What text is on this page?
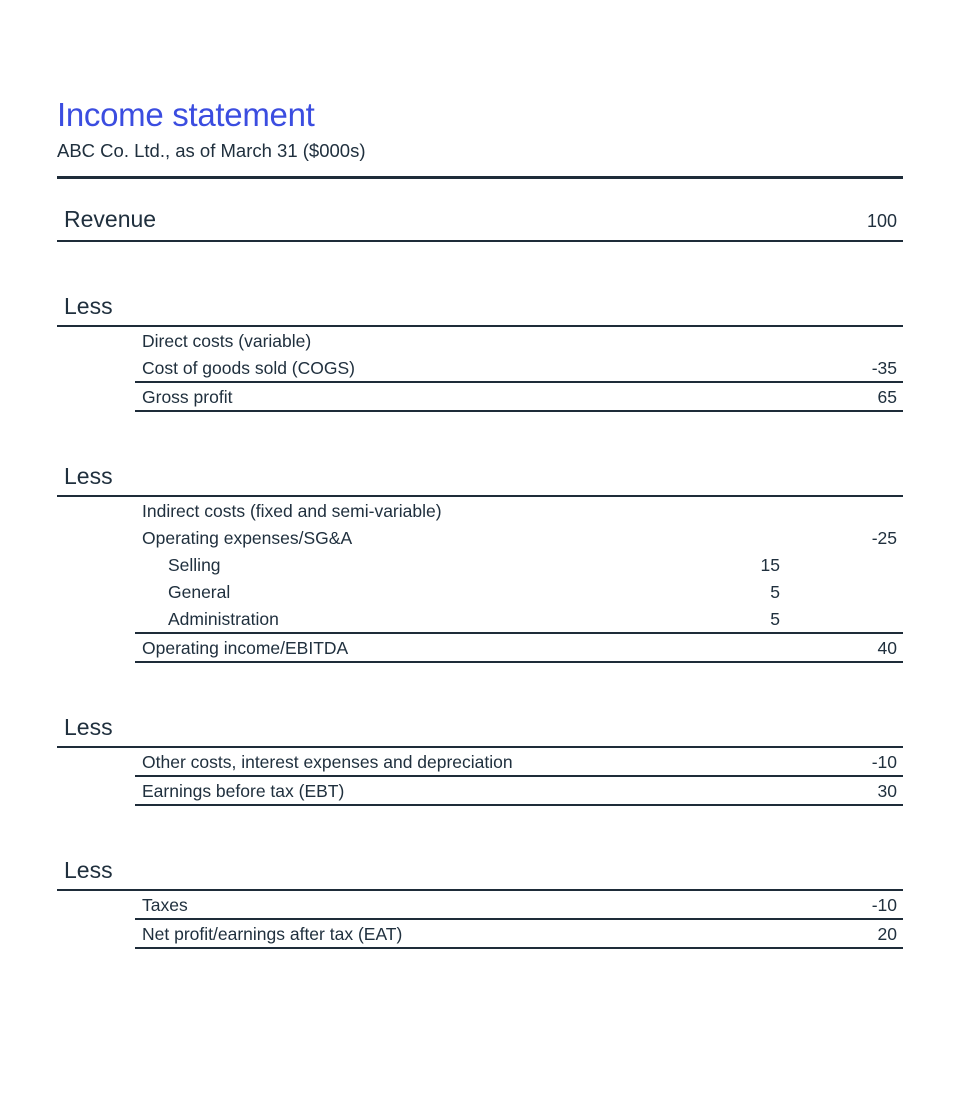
Income statement
ABC Co. Ltd., as of March 31 ($000s)
Revenue	100
Less
Direct costs (variable)
Cost of goods sold (COGS)	-35
Gross profit	65
Less
Indirect costs (fixed and semi-variable)
Operating expenses/SG&A	-25
Selling	15
General	5
Administration	5
Operating income/EBITDA	40
Less
Other costs, interest expenses and depreciation	-10
Earnings before tax (EBT)	30
Less
Taxes	-10
Net profit/earnings after tax (EAT)	20
